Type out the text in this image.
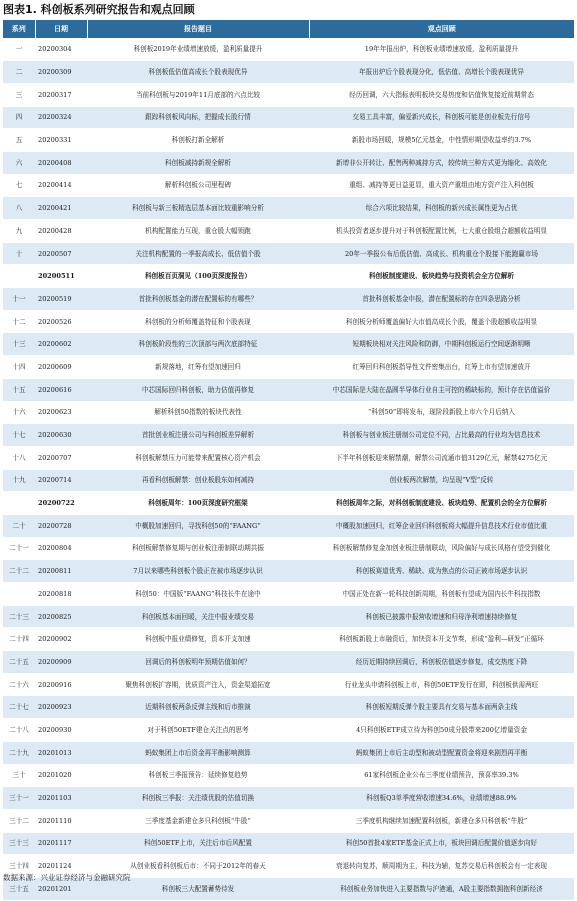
图表1. 科创板系列研究报告和观点回顾
系列	日期	报告题目	观点回顾
一	20200304	科创板2019年业绩增速放缓，盈利质量提升	19年年报出炉，科创板业绩增速放缓，盈利质量提升
二	20200309	科创板低估值高成长个股表现优异	年报出炉后个股表现分化，低估值、高增长个股表现优异
三	20200317	当前科创板与2019年11月底部的六点比较	经历回调，六大指标表明板块交易热度和估值恢复接近前期常态
四	20200324	跟踪科创板风向标，把握成长股行情	交易工具丰富，偏爱新兴成长，科创板可能是创业板先行信号
五	20200331	科创板打新全解析	新股市场回暖，规模5亿元基金，中性情形期望收益率约3.7%
六	20200408	科创板减持新规全解析	新增非公开转让、配售两种减持方式，较传统三种方式更为缩化、高效化
七	20200414	解析科创板公司里程碑	重组、减持等更日益更显，重大资产重组由地方资产注入科创板
八	20200421	科创板与新三板精选层基本面比较重影响分析	综合六项比较结果，科创板的新兴成长属性更为占优
九	20200428	机构配置能力互现，重仓股大幅领跑	机头投资者逐步提升对于科创板配置比例，七大重仓股组合超额收益明显
十	20200507	关注机构配置的一季报高成长、低估值个股	20年一季报公布后低估值、高成长、机构重仓个股接下能跑赢市场
	20200511	科创板百页洞见（100页深度报告）	科创板制度建设、板块趋势与投资机会全方位解析
十一	20200519	首批科创板基金的潜在配置标的有哪些？	首批科创板基金申报，潜在配置标的存在四条思路分析
十二	20200526	科创板的分析师覆盖特征和个股表现	科创板分析师覆盖偏好大市值高成长个股，覆盖个股超额收益明显
十三	20200602	科创板阶段性的三次顶部与两次底部特征	短期板块相对关注风险和防御，中期科创板运行空间逐渐明晰
十四	20200609	新规落地，红筹有望加速回归	红筹回归科创板指导性文件密集出台，红筹上市有望加速放开
十五	20200616	中芯国际回归科创板，助力估值再修复	中芯国际是大陆在晶圆半导体行业自主可控的稀缺标的，预计存在估值溢价
十六	20200623	解析科创50指数的板块代表性	“科创50”即将发布，现阶段新股上市六个月后纳入
十七	20200630	首批创业板注册公司与科创板差异解析	科创板与创业板注册制公司定位不同，占比最高的行业均为信息技术
十八	20200707	科创板解禁压力可能带来配置核心资产机会	下半年科创板迎来解禁潮，解禁公司流通市值3129亿元，解禁4275亿元
十九	20200714	再看科创板解禁：创业板股东如何减持	创业板两次解禁，均呈现“V型”反转
	20200722	科创板周年：100页深度研究框架	科创板周年之际，对科创板制度建设、板块趋势、配置机会的全方位解析
二十	20200728	中概股加速回归，寻找科创50的“FAANG”	中概股加速回归，红筹企业回归科创板将大幅提升信息技术行业市值比重
二十一	20200804	科创板解禁修复期与创业板注册制联动期共振	科创板解禁修复金加创业板注册制联动，风险偏好与成长风格有望受到催化
二十二	20200811	7月以来哪些科创板个股正在被市场逐步认识	科创板赛道优秀、稀缺、成为焦点的公司正被市场逐步认识
	20200818	科创50：中国版“FAANG”科技长牛在途中	中国正处在新一轮科技创新周期，科创板有望成为国内长牛科技指数
二十三	20200825	科创板基本面回暖，关注中报业绩交易	科创板已披露中报营收增速和归母净利增速持续修复
二十四	20200902	科创板中报业绩修复，资本开支加速	科创板新股上市融资后，加快资本开支节奏，形成“盈利—研发”正循环
二十五	20200909	回调后的科创板明年预期估值如何？	经历近期持续回调后，科创板估值逐步修复，成交热度下降
二十六	20200916	聚焦科创板扩容期，优质资产注入，资金渠道拓宽	行业龙头申请科创板上市，科创50ETF发行在即，科创板供需两旺
二十七	20200923	近期科创板两条反弹主线和后市推演	科创板短期反弹个股主要具有交易与基本面两条主线
二十八	20200930	对于科创50ETF建仓关注点的思考	4只科创板ETF成立待为科创50成分股带来200亿增量资金
二十九	20201013	蚂蚁集团上市后资金再平衡影响测算	蚂蚁集团上市后主动型和被动型配置资金将迎来剧烈再平衡
三十	20201020	科创板三季报预告：延续修复趋势	61家科创板企业公布三季度业绩预告，预喜率39.3%
三十一	20201103	科创板三季报：关注绩优股的估值切换	科创板Q3单季度营收增速34.6%，业绩增速88.9%
三十二	20201110	三季度基金新建仓多只科创板“牛股”	三季度机构继续加速配置科创板，新建仓多只科创板“牛股”
三十三	20201117	科创50ETF上市，关注后市后风配置	科创50首批4家ETF基金正式上市，板块回调后配置价值逐步向好
三十四	20201124	从创业板看科创板后市：不同于2012年的春天	衰退转向复苏，顺周期为主，科技为辅，复苏交易后科创板会有一定表现
三十五	20201201	科创板三大配置蓄势待发	科创板业务加快进入主要指数与沪港通，A股主要指数拥抱科创新经济
数据来源：兴业证券经济与金融研究院
